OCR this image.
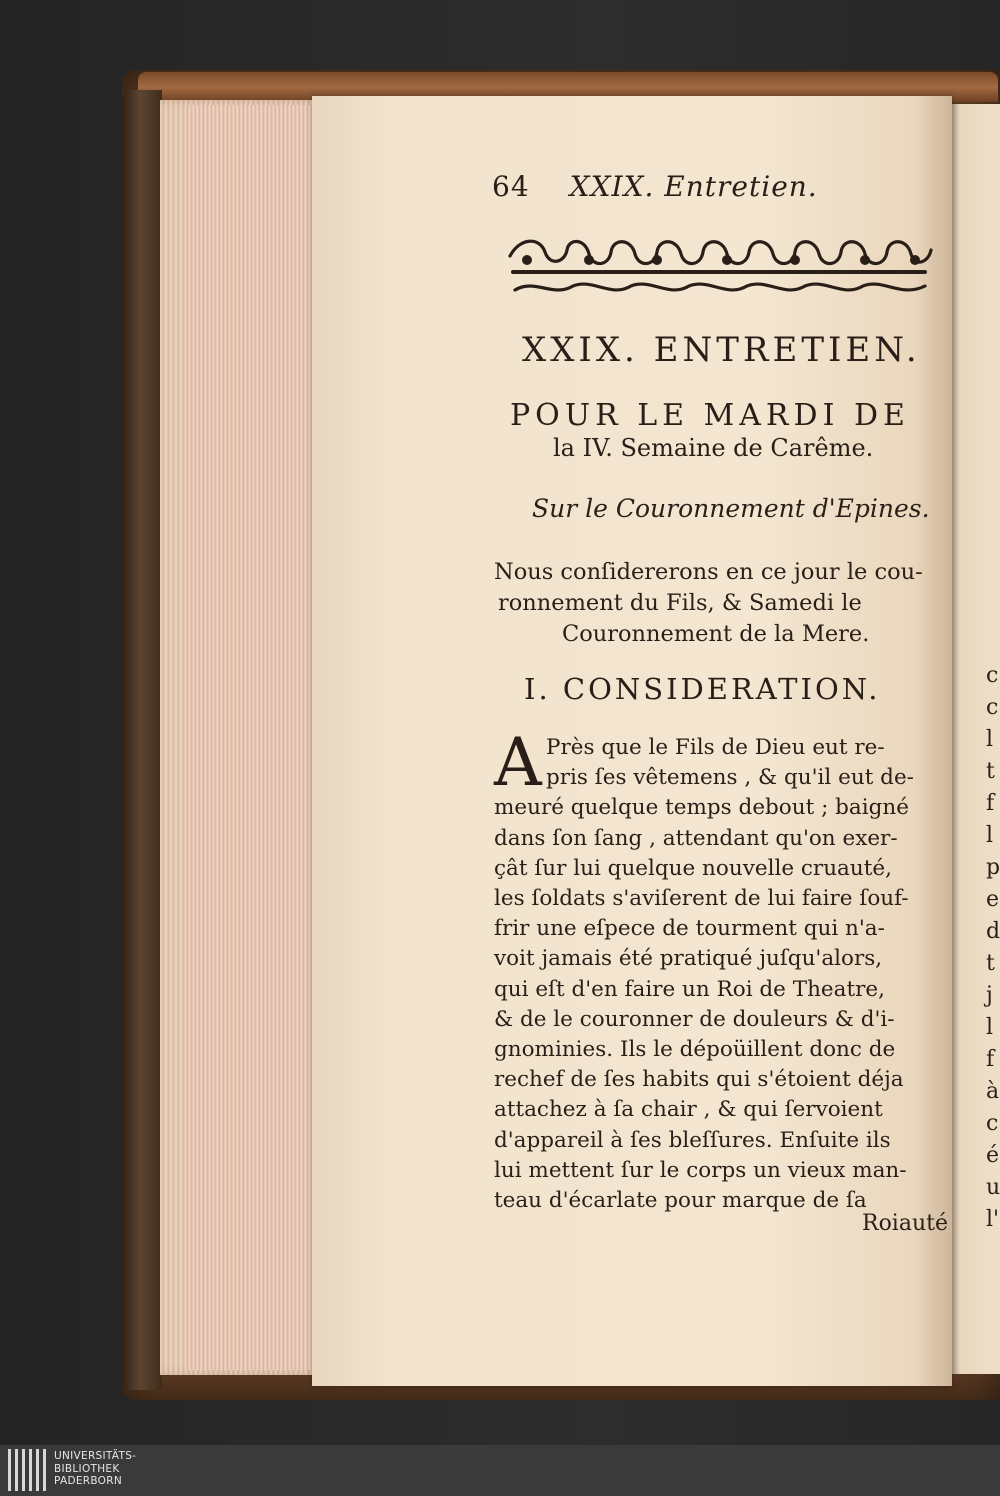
c
c
l
t
f
l
p
e
d
t
j
l
f
à
c
é
u
l'
64 XXIX. Entretien.
XXIX. ENTRETIEN.
POUR LE MARDI DE
la IV. Semaine de Carême.
Sur le Couronnement d'Epines.
Nous conſidererons en ce jour le cou-
ronnement du Fils, & Samedi le
Couronnement de la Mere.
I. CONSIDERATION.
A Près que le Fils de Dieu eut re-
pris ſes vêtemens , & qu'il eut de-
meuré quelque temps debout ; baigné
dans ſon ſang , attendant qu'on exer-
çât ſur lui quelque nouvelle cruauté,
les ſoldats s'aviſerent de lui faire ſouf-
frir une eſpece de tourment qui n'a-
voit jamais été pratiqué juſqu'alors,
qui eſt d'en faire un Roi de Theatre,
& de le couronner de douleurs & d'i-
gnominies. Ils le dépoüillent donc de
rechef de ſes habits qui s'étoient déja
attachez à ſa chair , & qui ſervoient
d'appareil à ſes bleſſures. Enſuite ils
lui mettent ſur le corps un vieux man-
teau d'écarlate pour marque de ſa
Roiauté
UNIVERSITÄTS-
BIBLIOTHEK
PADERBORN
